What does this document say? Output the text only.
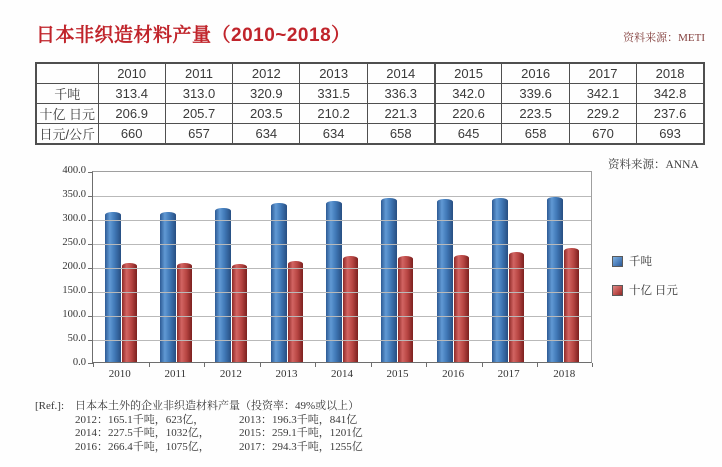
日本非织造材料产量（2010~2018）	资料来源：METI
	2010	2011	2012	2013	2014	2015	2016	2017	2018
千吨	313.4	313.0	320.9	331.5	336.3	342.0	339.6	342.1	342.8
十亿 日元	206.9	205.7	203.5	210.2	221.3	220.6	223.5	229.2	237.6
日元/公斤	660	657	634	634	658	645	658	670	693
资料来源：ANNA
400.0
350.0
300.0
250.0
200.0
150.0
100.0
50.0
0.0
2010	2011	2012	2013	2014	2015	2016	2017	2018
千吨
十亿 日元
[Ref.]: 日本本土外的企业非织造材料产量（投资率：49%或以上）
2012：165.1千吨，623亿，	2013：196.3千吨，841亿
2014：227.5千吨，1032亿，	2015：259.1千吨，1201亿
2016：266.4千吨，1075亿，	2017：294.3千吨，1255亿
